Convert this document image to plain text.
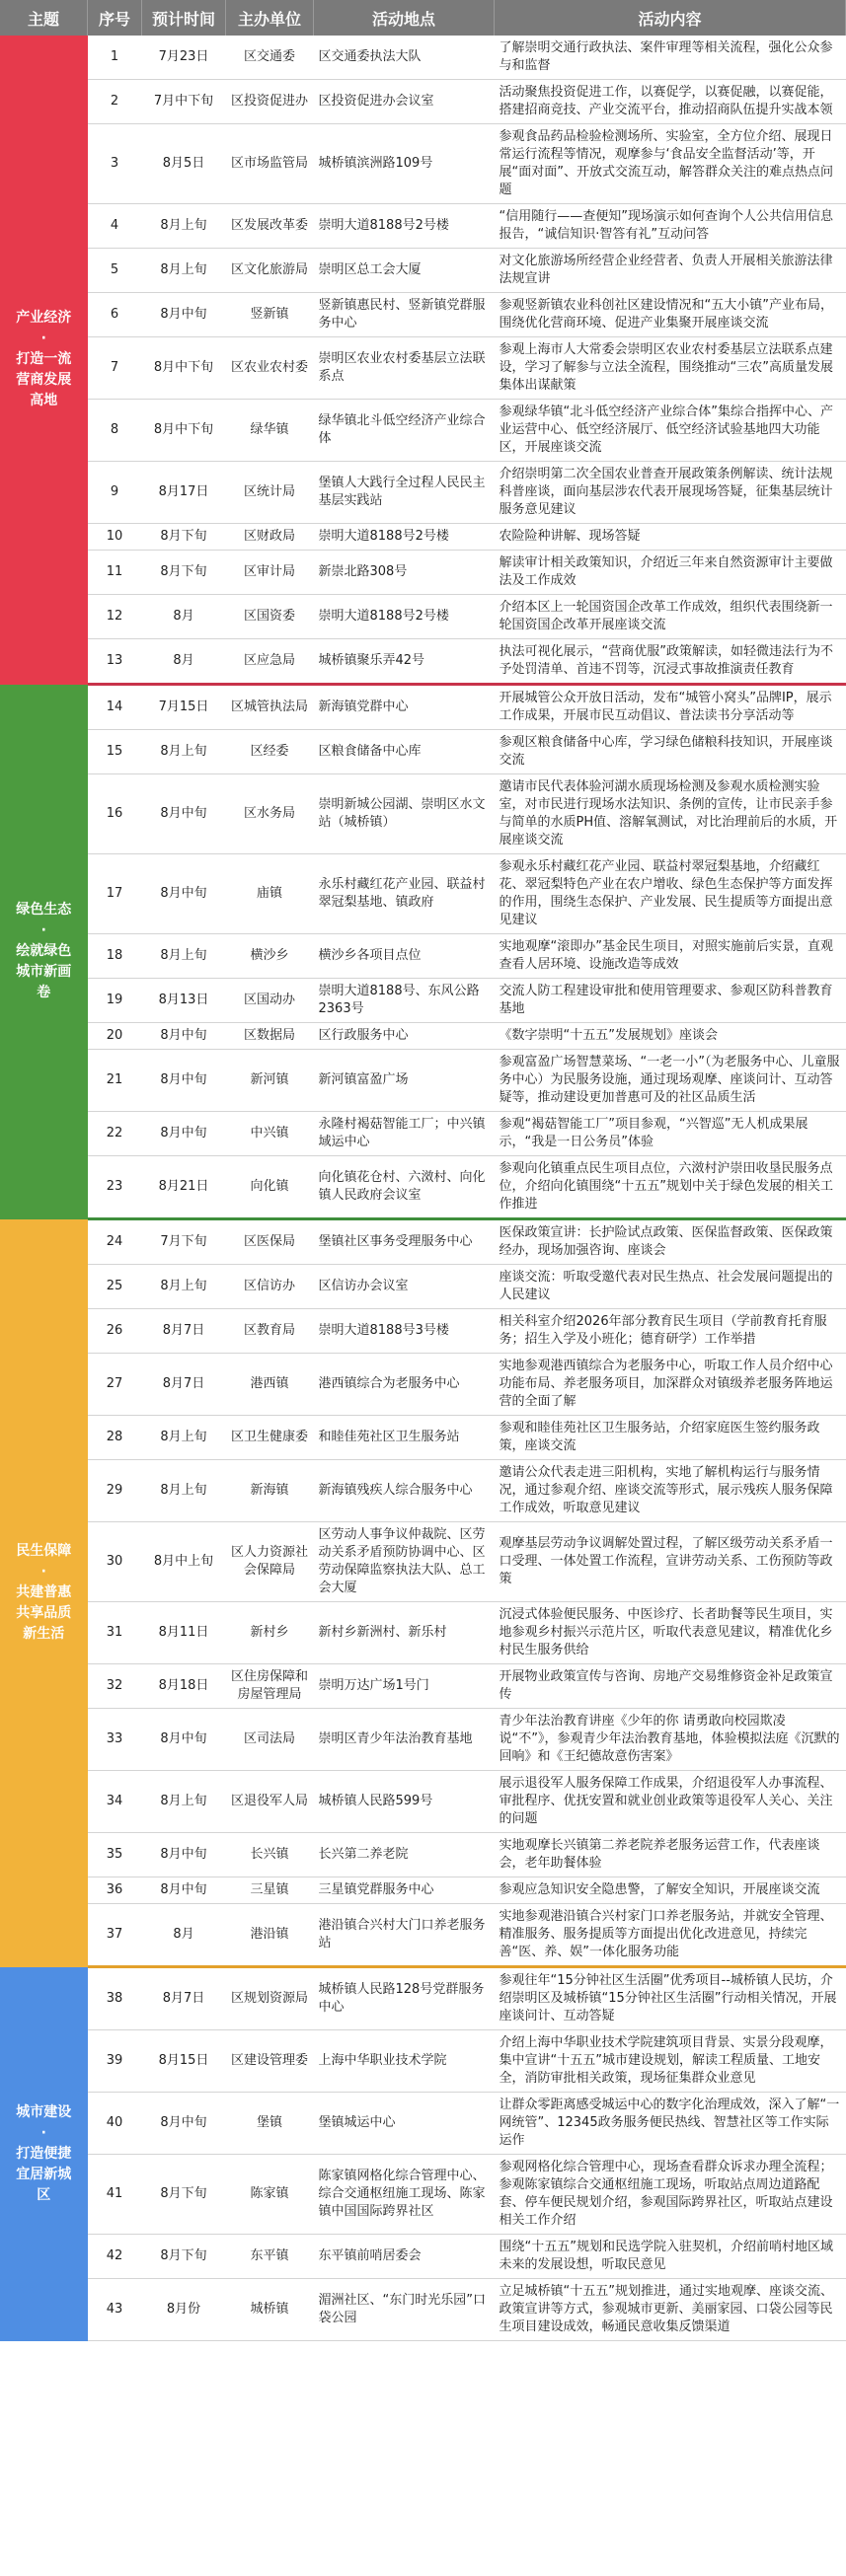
主题	序号	预计时间	主办单位	活动地点	活动内容
产业经济
·
打造一流
营商发展
高地	1	7月23日	区交通委	区交通委执法大队	了解崇明交通行政执法、案件审理等相关流程，强化公众参与和监督
	2	7月中下旬	区投资促进办	区投资促进办会议室	活动聚焦投资促进工作，以赛促学，以赛促融，以赛促能，搭建招商竞技、产业交流平台，推动招商队伍提升实战本领
	3	8月5日	区市场监管局	城桥镇滨洲路109号	参观食品药品检验检测场所、实验室，全方位介绍、展现日常运行流程等情况，观摩参与‘食品安全监督活动’等，开展“面对面”、开放式交流互动，解答群众关注的难点热点问题
	4	8月上旬	区发展改革委	崇明大道8188号2号楼	“信用随行——查便知”现场演示如何查询个人公共信用信息报告，“诚信知识·智答有礼”互动问答
	5	8月上旬	区文化旅游局	崇明区总工会大厦	对文化旅游场所经营企业经营者、负责人开展相关旅游法律法规宣讲
	6	8月中旬	竖新镇	竖新镇惠民村、竖新镇党群服务中心	参观竖新镇农业科创社区建设情况和“五大小镇”产业布局，围绕优化营商环境、促进产业集聚开展座谈交流
	7	8月中下旬	区农业农村委	崇明区农业农村委基层立法联系点	参观上海市人大常委会崇明区农业农村委基层立法联系点建设，学习了解参与立法全流程，围绕推动“三农”高质量发展集体出谋献策
	8	8月中下旬	绿华镇	绿华镇北斗低空经济产业综合体	参观绿华镇“北斗低空经济产业综合体”集综合指挥中心、产业运营中心、低空经济展厅、低空经济试验基地四大功能区，开展座谈交流
	9	8月17日	区统计局	堡镇人大践行全过程人民民主基层实践站	介绍崇明第二次全国农业普查开展政策条例解读、统计法规科普座谈，面向基层涉农代表开展现场答疑，征集基层统计服务意见建议
	10	8月下旬	区财政局	崇明大道8188号2号楼	农险险种讲解、现场答疑
	11	8月下旬	区审计局	新崇北路308号	解读审计相关政策知识，介绍近三年来自然资源审计主要做法及工作成效
	12	8月	区国资委	崇明大道8188号2号楼	介绍本区上一轮国资国企改革工作成效，组织代表围绕新一轮国资国企改革开展座谈交流
	13	8月	区应急局	城桥镇聚乐弄42号	执法可视化展示，“营商优服”政策解读，如轻微违法行为不予处罚清单、首违不罚等，沉浸式事故推演责任教育
绿色生态
·
绘就绿色
城市新画
卷	14	7月15日	区城管执法局	新海镇党群中心	开展城管公众开放日活动，发布“城管小窝头”品牌IP，展示工作成果，开展市民互动倡议、普法读书分享活动等
	15	8月上旬	区经委	区粮食储备中心库	参观区粮食储备中心库，学习绿色储粮科技知识，开展座谈交流
	16	8月中旬	区水务局	崇明新城公园湖、崇明区水文站（城桥镇）	邀请市民代表体验河湖水质现场检测及参观水质检测实验室，对市民进行现场水法知识、条例的宣传，让市民亲手参与简单的水质PH值、溶解氧测试，对比治理前后的水质，开展座谈交流
	17	8月中旬	庙镇	永乐村藏红花产业园、联益村翠冠梨基地、镇政府	参观永乐村藏红花产业园、联益村翠冠梨基地，介绍藏红花、翠冠梨特色产业在农户增收、绿色生态保护等方面发挥的作用，围绕生态保护、产业发展、民生提质等方面提出意见建议
	18	8月上旬	横沙乡	横沙乡各项目点位	实地观摩“滚即办”基金民生项目，对照实施前后实景，直观查看人居环境、设施改造等成效
	19	8月13日	区国动办	崇明大道8188号、东风公路2363号	交流人防工程建设审批和使用管理要求、参观区防科普教育基地
	20	8月中旬	区数据局	区行政服务中心	《数字崇明“十五五”发展规划》座谈会
	21	8月中旬	新河镇	新河镇富盈广场	参观富盈广场智慧菜场、“一老一小”（为老服务中心、儿童服务中心）为民服务设施，通过现场观摩、座谈问计、互动答疑等，推动建设更加普惠可及的社区品质生活
	22	8月中旬	中兴镇	永隆村褐菇智能工厂；中兴镇域运中心	参观“褐菇智能工厂”项目参观，“兴智巡”无人机成果展示，“我是一日公务员”体验
	23	8月21日	向化镇	向化镇花仓村、六滧村、向化镇人民政府会议室	参观向化镇重点民生项目点位，六滧村沪崇田收垦民服务点位，介绍向化镇围绕“十五五”规划中关于绿色发展的相关工作推进
民生保障
·
共建普惠
共享品质
新生活	24	7月下旬	区医保局	堡镇社区事务受理服务中心	医保政策宣讲：长护险试点政策、医保监督政策、医保政策经办，现场加强咨询、座谈会
	25	8月上旬	区信访办	区信访办会议室	座谈交流：听取受邀代表对民生热点、社会发展问题提出的人民建议
	26	8月7日	区教育局	崇明大道8188号3号楼	相关科室介绍2026年部分教育民生项目（学前教育托育服务；招生入学及小班化；德育研学）工作举措
	27	8月7日	港西镇	港西镇综合为老服务中心	实地参观港西镇综合为老服务中心，听取工作人员介绍中心功能布局、养老服务项目，加深群众对镇级养老服务阵地运营的全面了解
	28	8月上旬	区卫生健康委	和睦佳苑社区卫生服务站	参观和睦佳苑社区卫生服务站，介绍家庭医生签约服务政策，座谈交流
	29	8月上旬	新海镇	新海镇残疾人综合服务中心	邀请公众代表走进三阳机构，实地了解机构运行与服务情况，通过参观介绍、座谈交流等形式，展示残疾人服务保障工作成效，听取意见建议
	30	8月中上旬	区人力资源社会保障局	区劳动人事争议仲裁院、区劳动关系矛盾预防协调中心、区劳动保障监察执法大队、总工会大厦	观摩基层劳动争议调解处置过程，了解区级劳动关系矛盾一口受理、一体处置工作流程，宣讲劳动关系、工伤预防等政策
	31	8月11日	新村乡	新村乡新洲村、新乐村	沉浸式体验便民服务、中医诊疗、长者助餐等民生项目，实地参观乡村振兴示范片区，听取代表意见建议，精准优化乡村民生服务供给
	32	8月18日	区住房保障和房屋管理局	崇明万达广场1号门	开展物业政策宣传与咨询、房地产交易维修资金补足政策宣传
	33	8月中旬	区司法局	崇明区青少年法治教育基地	青少年法治教育讲座《少年的你 请勇敢向校园欺凌说“不”》，参观青少年法治教育基地，体验模拟法庭《沉默的回响》和《王纪德故意伤害案》
	34	8月上旬	区退役军人局	城桥镇人民路599号	展示退役军人服务保障工作成果，介绍退役军人办事流程、审批程序、优抚安置和就业创业政策等退役军人关心、关注的问题
	35	8月中旬	长兴镇	长兴第二养老院	实地观摩长兴镇第二养老院养老服务运营工作，代表座谈会，老年助餐体验
	36	8月中旬	三星镇	三星镇党群服务中心	参观应急知识安全隐患警，了解安全知识，开展座谈交流
	37	8月	港沿镇	港沿镇合兴村大门口养老服务站	实地参观港沿镇合兴村家门口养老服务站，并就安全管理、精准服务、服务提质等方面提出优化改进意见，持续完善“医、养、娱”一体化服务功能
城市建设
·
打造便捷
宜居新城
区	38	8月7日	区规划资源局	城桥镇人民路128号党群服务中心	参观往年“15分钟社区生活圈”优秀项目--城桥镇人民坊，介绍崇明区及城桥镇“15分钟社区生活圈”行动相关情况，开展座谈问计、互动答疑
	39	8月15日	区建设管理委	上海中华职业技术学院	介绍上海中华职业技术学院建筑项目背景、实景分段观摩，集中宣讲“十五五”城市建设规划，解读工程质量、工地安全，消防审批相关政策，现场征集群众业意见
	40	8月中旬	堡镇	堡镇城运中心	让群众零距离感受城运中心的数字化治理成效，深入了解“一网统管”、12345政务服务便民热线、智慧社区等工作实际运作
	41	8月下旬	陈家镇	陈家镇网格化综合管理中心、综合交通枢纽施工现场、陈家镇中国国际跨界社区	参观网格化综合管理中心，现场查看群众诉求办理全流程；参观陈家镇综合交通枢纽施工现场，听取站点周边道路配套、停车便民规划介绍，参观国际跨界社区，听取站点建设相关工作介绍
	42	8月下旬	东平镇	东平镇前哨居委会	围绕“十五五”规划和民选学院入驻契机，介绍前哨村地区域未来的发展设想，听取民意见
	43	8月份	城桥镇	湄洲社区、“东门时光乐园”口袋公园	立足城桥镇“十五五”规划推进，通过实地观摩、座谈交流、政策宣讲等方式，参观城市更新、美丽家园、口袋公园等民生项目建设成效，畅通民意收集反馈渠道
